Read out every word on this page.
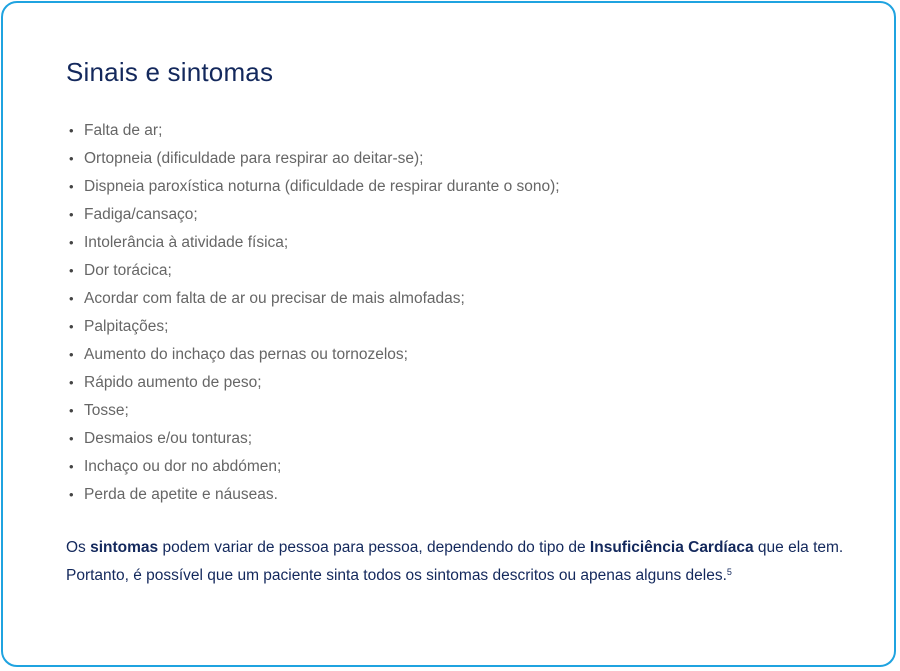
Sinais e sintomas
• Falta de ar;
• Ortopneia (dificuldade para respirar ao deitar-se);
• Dispneia paroxística noturna (dificuldade de respirar durante o sono);
• Fadiga/cansaço;
• Intolerância à atividade física;
• Dor torácica;
• Acordar com falta de ar ou precisar de mais almofadas;
• Palpitações;
• Aumento do inchaço das pernas ou tornozelos;
• Rápido aumento de peso;
• Tosse;
• Desmaios e/ou tonturas;
• Inchaço ou dor no abdómen;
• Perda de apetite e náuseas.

Os sintomas podem variar de pessoa para pessoa, dependendo do tipo de Insuficiência Cardíaca que ela tem. Portanto, é possível que um paciente sinta todos os sintomas descritos ou apenas alguns deles.$^5$
